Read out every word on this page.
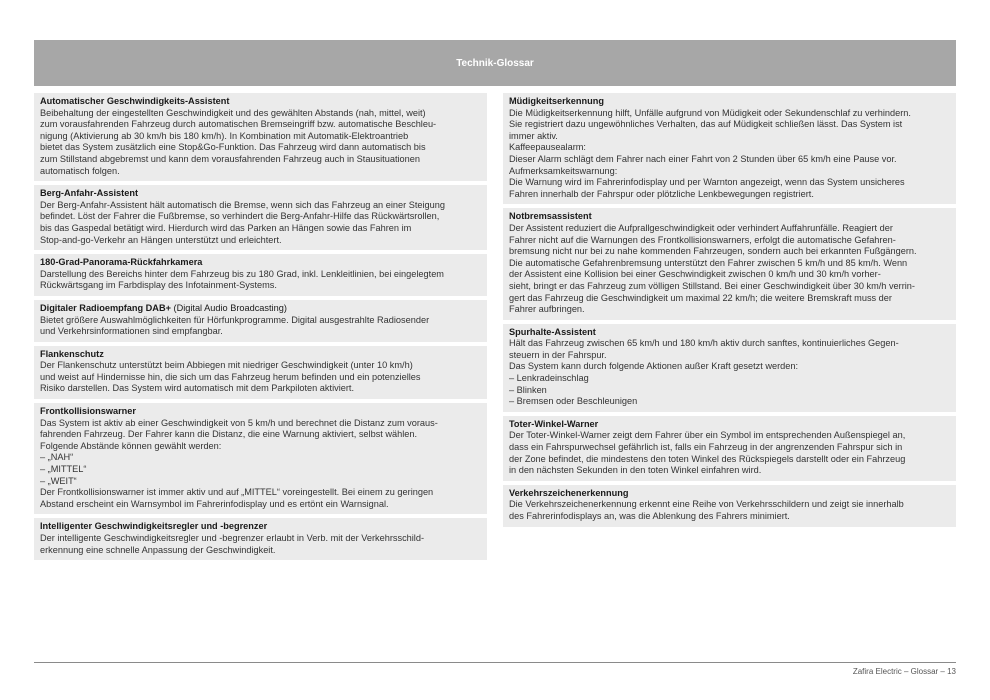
Technik-Glossar
Automatischer Geschwindigkeits-Assistent
Beibehaltung der eingestellten Geschwindigkeit und des gewählten Abstands (nah, mittel, weit)
zum vorausfahrenden Fahrzeug durch automatischen Bremseingriff bzw. automatische Beschleu-
nigung (Aktivierung ab 30 km/h bis 180 km/h). In Kombination mit Automatik-Elektroantrieb
bietet das System zusätzlich eine Stop&Go-Funktion. Das Fahrzeug wird dann automatisch bis
zum Stillstand abgebremst und kann dem vorausfahrenden Fahrzeug auch in Stausituationen
automatisch folgen.
Berg-Anfahr-Assistent
Der Berg-Anfahr-Assistent hält automatisch die Bremse, wenn sich das Fahrzeug an einer Steigung
befindet. Löst der Fahrer die Fußbremse, so verhindert die Berg-Anfahr-Hilfe das Rückwärtsrollen,
bis das Gaspedal betätigt wird. Hierdurch wird das Parken an Hängen sowie das Fahren im
Stop-and-go-Verkehr an Hängen unterstützt und erleichtert.
180-Grad-Panorama-Rückfahrkamera
Darstellung des Bereichs hinter dem Fahrzeug bis zu 180 Grad, inkl. Lenkleitlinien, bei eingelegtem
Rückwärtsgang im Farbdisplay des Infotainment-Systems.
Digitaler Radioempfang DAB+ (Digital Audio Broadcasting)
Bietet größere Auswahlmöglichkeiten für Hörfunkprogramme. Digital ausgestrahlte Radiosender
und Verkehrsinformationen sind empfangbar.
Flankenschutz
Der Flankenschutz unterstützt beim Abbiegen mit niedriger Geschwindigkeit (unter 10 km/h)
und weist auf Hindernisse hin, die sich um das Fahrzeug herum befinden und ein potenzielles
Risiko darstellen. Das System wird automatisch mit dem Parkpiloten aktiviert.
Frontkollisionswarner
Das System ist aktiv ab einer Geschwindigkeit von 5 km/h und berechnet die Distanz zum voraus-
fahrenden Fahrzeug. Der Fahrer kann die Distanz, die eine Warnung aktiviert, selbst wählen.
Folgende Abstände können gewählt werden:
– „NAH“
– „MITTEL“
– „WEIT“
Der Frontkollisionswarner ist immer aktiv und auf „MITTEL“ voreingestellt. Bei einem zu geringen
Abstand erscheint ein Warnsymbol im Fahrerinfodisplay und es ertönt ein Warnsignal.
Intelligenter Geschwindigkeitsregler und -begrenzer
Der intelligente Geschwindigkeitsregler und -begrenzer erlaubt in Verb. mit der Verkehrsschild-
erkennung eine schnelle Anpassung der Geschwindigkeit.
Müdigkeitserkennung
Die Müdigkeitserkennung hilft, Unfälle aufgrund von Müdigkeit oder Sekundenschlaf zu verhindern.
Sie registriert dazu ungewöhnliches Verhalten, das auf Müdigkeit schließen lässt. Das System ist
immer aktiv.
Kaffeepausealarm:
Dieser Alarm schlägt dem Fahrer nach einer Fahrt von 2 Stunden über 65 km/h eine Pause vor.
Aufmerksamkeitswarnung:
Die Warnung wird im Fahrerinfodisplay und per Warnton angezeigt, wenn das System unsicheres
Fahren innerhalb der Fahrspur oder plötzliche Lenkbewegungen registriert.
Notbremsassistent
Der Assistent reduziert die Aufprallgeschwindigkeit oder verhindert Auffahrunfälle. Reagiert der
Fahrer nicht auf die Warnungen des Frontkollisionswarners, erfolgt die automatische Gefahren-
bremsung nicht nur bei zu nahe kommenden Fahrzeugen, sondern auch bei erkannten Fußgängern.
Die automatische Gefahrenbremsung unterstützt den Fahrer zwischen 5 km/h und 85 km/h. Wenn
der Assistent eine Kollision bei einer Geschwindigkeit zwischen 0 km/h und 30 km/h vorher-
sieht, bringt er das Fahrzeug zum völligen Stillstand. Bei einer Geschwindigkeit über 30 km/h verrin-
gert das Fahrzeug die Geschwindigkeit um maximal 22 km/h; die weitere Bremskraft muss der
Fahrer aufbringen.
Spurhalte-Assistent
Hält das Fahrzeug zwischen 65 km/h und 180 km/h aktiv durch sanftes, kontinuierliches Gegen-
steuern in der Fahrspur.
Das System kann durch folgende Aktionen außer Kraft gesetzt werden:
– Lenkradeinschlag
– Blinken
– Bremsen oder Beschleunigen
Toter-Winkel-Warner
Der Toter-Winkel-Warner zeigt dem Fahrer über ein Symbol im entsprechenden Außenspiegel an,
dass ein Fahrspurwechsel gefährlich ist, falls ein Fahrzeug in der angrenzenden Fahrspur sich in
der Zone befindet, die mindestens den toten Winkel des Rückspiegels darstellt oder ein Fahrzeug
in den nächsten Sekunden in den toten Winkel einfahren wird.
Verkehrszeichenerkennung
Die Verkehrszeichenerkennung erkennt eine Reihe von Verkehrsschildern und zeigt sie innerhalb
des Fahrerinfodisplays an, was die Ablenkung des Fahrers minimiert.
Zafira Electric – Glossar – 13
